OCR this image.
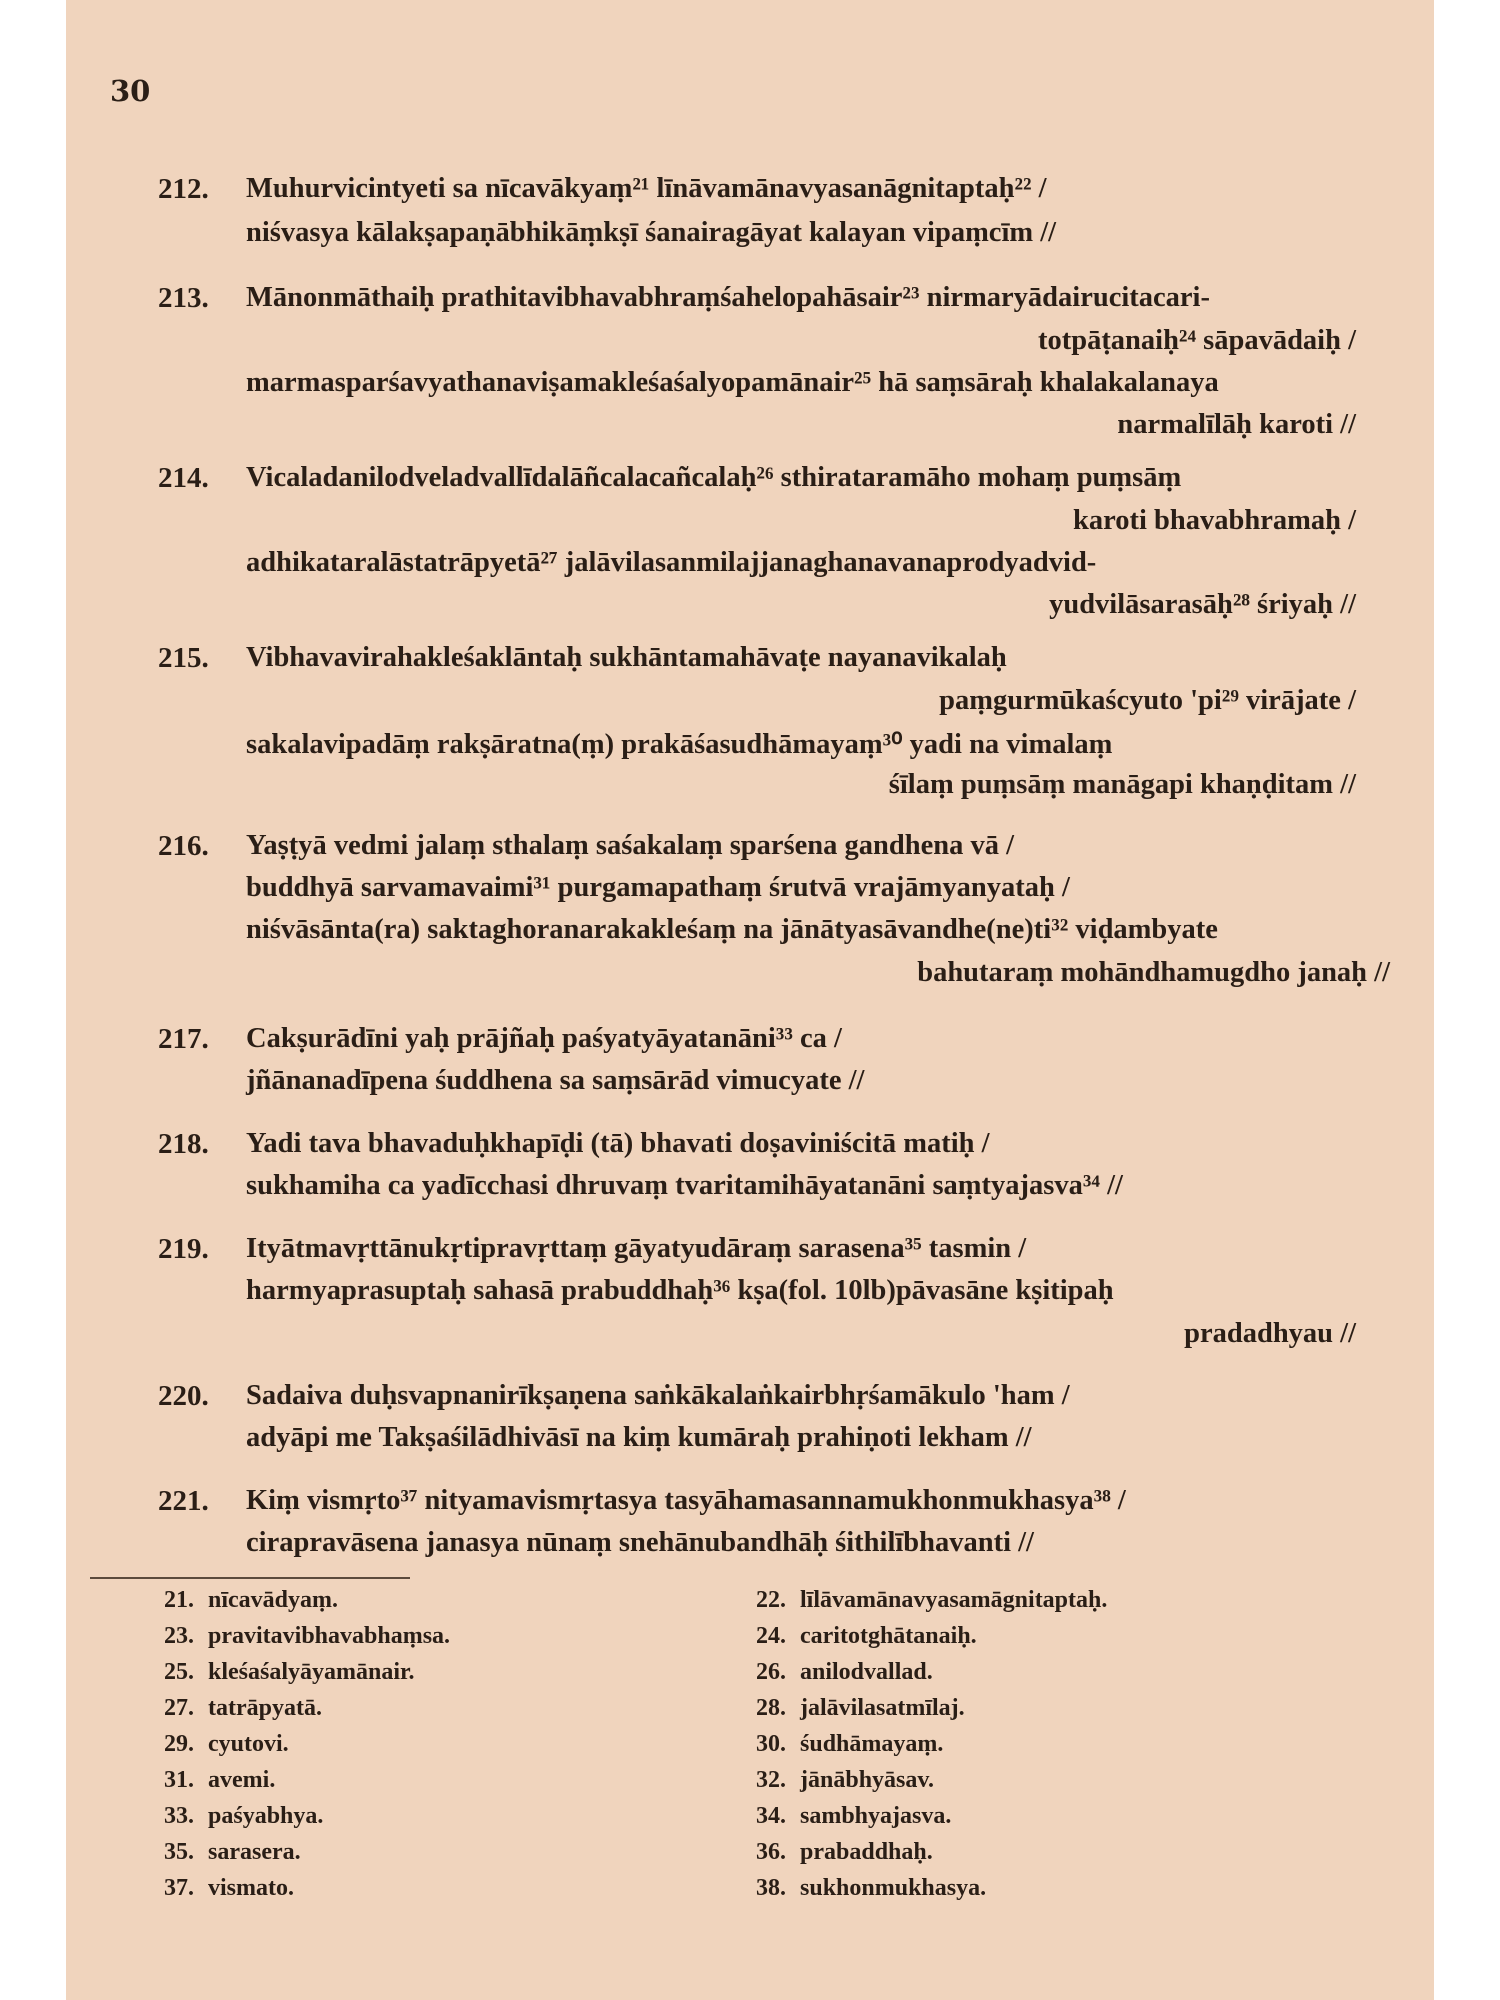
30
212. Muhurvicintyeti sa nīcavākyaṃ²¹ līnāvamānavyasanāgnitaptaḥ²² /
niśvasya kālakṣapaṇābhikāṃkṣī śanairagāyat kalayan vipaṃcīm //
213. Mānonmāthaiḥ prathitavibhavabhraṃśahelopahāsair²³ nirmaryādairucitacari-
totpāṭanaiḥ²⁴ sāpavādaiḥ /
marmasparśavyathanaviṣamakleśaśalyopamānair²⁵ hā saṃsāraḥ khalakalanaya
narmalīlāḥ karoti //
214. Vicaladanilodveladvallīdalāñcalacañcalaḥ²⁶ sthirataramāho mohaṃ puṃsāṃ
karoti bhavabhramaḥ /
adhikataralāstatrāpyetā²⁷ jalāvilasanmilajjanaghanavanaprodyadvid-
yudvilāsarasāḥ²⁸ śriyaḥ //
215. Vibhavavirahakleśaklāntaḥ sukhāntamahāvaṭe nayanavikalaḥ
paṃgurmūkaścyuto 'pi²⁹ virājate /
sakalavipadāṃ rakṣāratna(ṃ) prakāśasudhāmayaṃ³⁰ yadi na vimalaṃ
śīlaṃ puṃsāṃ manāgapi khaṇḍitam //
216. Yaṣṭyā vedmi jalaṃ sthalaṃ saśakalaṃ sparśena gandhena vā /
buddhyā sarvamavaimi³¹ purgamapathaṃ śrutvā vrajāmyanyataḥ /
niśvāsānta(ra) saktaghoranarakakleśaṃ na jānātyasāvandhe(ne)ti³² viḍambyate
bahutaraṃ mohāndhamugdho janaḥ //
217. Cakṣurādīni yaḥ prājñaḥ paśyatyāyatanāni³³ ca /
jñānanadīpena śuddhena sa saṃsārād vimucyate //
218. Yadi tava bhavaduḥkhapīḍi (tā) bhavati doṣaviniścitā matiḥ /
sukhamiha ca yadīcchasi dhruvaṃ tvaritamihāyatanāni saṃtyajasva³⁴ //
219. Ityātmavṛttānukṛtipravṛttaṃ gāyatyudāraṃ sarasena³⁵ tasmin /
harmyaprasuptaḥ sahasā prabuddhaḥ³⁶ kṣa(fol. 10lb)pāvasāne kṣitipaḥ
pradadhyau //
220. Sadaiva duḥsvapnanirīkṣaṇena saṅkākalaṅkairbhṛśamākulo 'ham /
adyāpi me Takṣaśilādhivāsī na kiṃ kumāraḥ prahiṇoti lekham //
221. Kiṃ vismṛto³⁷ nityamavismṛtasya tasyāhamasannamukhonmukhasya³⁸ /
cirapravāsena janasya nūnaṃ snehānubandhāḥ śithilībhavanti //
21. nīcavādyaṃ.	22. līlāvamānavyasamāgnitaptaḥ.
23. pravitavibhavabhaṃsa.	24. caritotghātanaiḥ.
25. kleśaśalyāyamānair.	26. anilodvallad.
27. tatrāpyatā.	28. jalāvilasatmīlaj.
29. cyutovi.	30. śudhāmayaṃ.
31. avemi.	32. jānābhyāsav.
33. paśyabhya.	34. sambhyajasva.
35. sarasera.	36. prabaddhaḥ.
37. vismato.	38. sukhonmukhasya.
